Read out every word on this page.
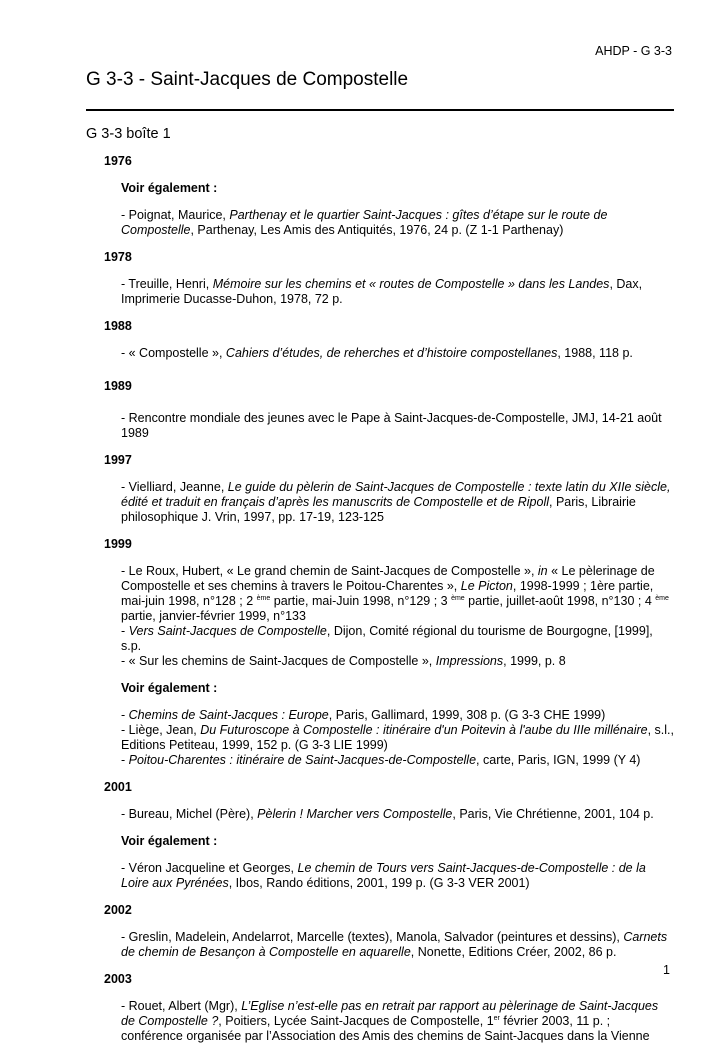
AHDP - G 3-3
G 3-3 - Saint-Jacques de Compostelle
G 3-3 boîte 1
1976
Voir également :

- Poignat, Maurice, Parthenay et le quartier Saint-Jacques : gîtes d’étape sur le route de Compostelle, Parthenay, Les Amis des Antiquités, 1976, 24 p. (Z 1-1 Parthenay)

1978

- Treuille, Henri, Mémoire sur les chemins et « routes de Compostelle » dans les Landes, Dax, Imprimerie Ducasse-Duhon, 1978, 72 p.

1988

- « Compostelle », Cahiers d’études, de reherches et d’histoire compostellanes, 1988, 118 p.

1989

- Rencontre mondiale des jeunes avec le Pape à Saint-Jacques-de-Compostelle, JMJ, 14-21 août 1989

1997

- Vielliard, Jeanne, Le guide du pèlerin de Saint-Jacques de Compostelle : texte latin du XIIe siècle, édité et traduit en français d’après les manuscrits de Compostelle et de Ripoll, Paris, Librairie philosophique J. Vrin, 1997, pp. 17-19, 123-125

1999

- Le Roux, Hubert, « Le grand chemin de Saint-Jacques de Compostelle », in « Le pèlerinage de Compostelle et ses chemins à travers le Poitou-Charentes », Le Picton, 1998-1999 ; 1ère partie, mai-juin 1998, n°128 ; 2 $^{ème}$ partie, mai-Juin 1998, n°129 ; 3 $^{ème}$ partie, juillet-août 1998, n°130 ; 4 $^{ème}$ partie, janvier-février 1999, n°133

- Vers Saint-Jacques de Compostelle, Dijon, Comité régional du tourisme de Bourgogne, [1999], s.p.

- « Sur les chemins de Saint-Jacques de Compostelle », Impressions, 1999, p. 8

Voir également :

- Chemins de Saint-Jacques : Europe, Paris, Gallimard, 1999, 308 p. (G 3-3 CHE 1999)

- Liège, Jean, Du Futuroscope à Compostelle : itinéraire d'un Poitevin à l'aube du IIIe millénaire, s.l., Editions Petiteau, 1999, 152 p. (G 3-3 LIE 1999)

- Poitou-Charentes : itinéraire de Saint-Jacques-de-Compostelle, carte, Paris, IGN, 1999 (Y 4)

2001

- Bureau, Michel (Père), Pèlerin ! Marcher vers Compostelle, Paris, Vie Chrétienne, 2001, 104 p.

Voir également :

- Véron Jacqueline et Georges, Le chemin de Tours vers Saint-Jacques-de-Compostelle : de la Loire aux Pyrénées, Ibos, Rando éditions, 2001, 199 p. (G 3-3 VER 2001)

2002

- Greslin, Madelein, Andelarrot, Marcelle (textes), Manola, Salvador (peintures et dessins), Carnets de chemin de Besançon à Compostelle en aquarelle, Nonette, Editions Créer, 2002, 86 p.

2003

- Rouet, Albert (Mgr), L’Eglise n’est-elle pas en retrait par rapport au pèlerinage de Saint-Jacques de Compostelle ?, Poitiers, Lycée Saint-Jacques de Compostelle, 1er février 2003, 11 p. ; conférence organisée par l’Association des Amis des chemins de Saint-Jacques dans la Vienne

1
